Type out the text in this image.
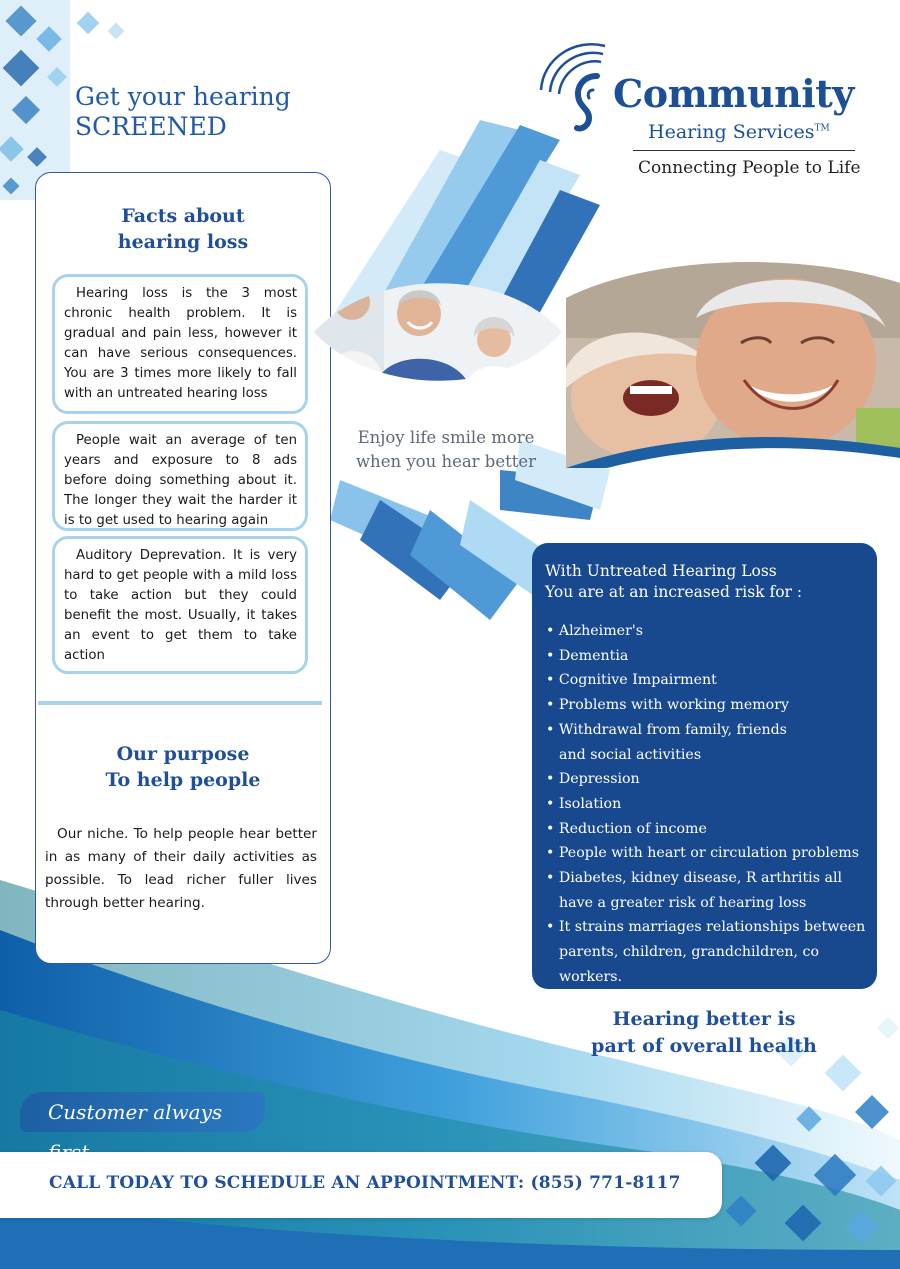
Get your hearing
SCREENED
Community
Hearing Services™
Connecting People to Life
Facts about
hearing loss
Hearing loss is the 3 most chronic health problem. It is gradual and pain less, however it can have serious consequences. You are 3 times more likely to fall with an untreated hearing loss
People wait an average of ten years and exposure to 8 ads before doing something about it. The longer they wait the harder it is to get used to hearing again
Auditory Deprevation. It is very hard to get people with a mild loss to take action but they could benefit the most. Usually, it takes an event to get them to take action
Our purpose
To help people
Our niche. To help people hear better in as many of their daily activities as possible. To lead richer fuller lives through better hearing.
Enjoy life smile more
when you hear better
With Untreated Hearing Loss
You are at an increased risk for :
• Alzheimer's
• Dementia
• Cognitive Impairment
• Problems with working memory
• Withdrawal from family, friends and social activities
• Depression
• Isolation
• Reduction of income
• People with heart or circulation problems
• Diabetes, kidney disease, R arthritis all have a greater risk of hearing loss
• It strains marriages relationships between parents, children, grandchildren, co workers.
Hearing better is
part of overall health
Customer always
CALL TODAY TO SCHEDULE AN APPOINTMENT: (855) 771-8117
